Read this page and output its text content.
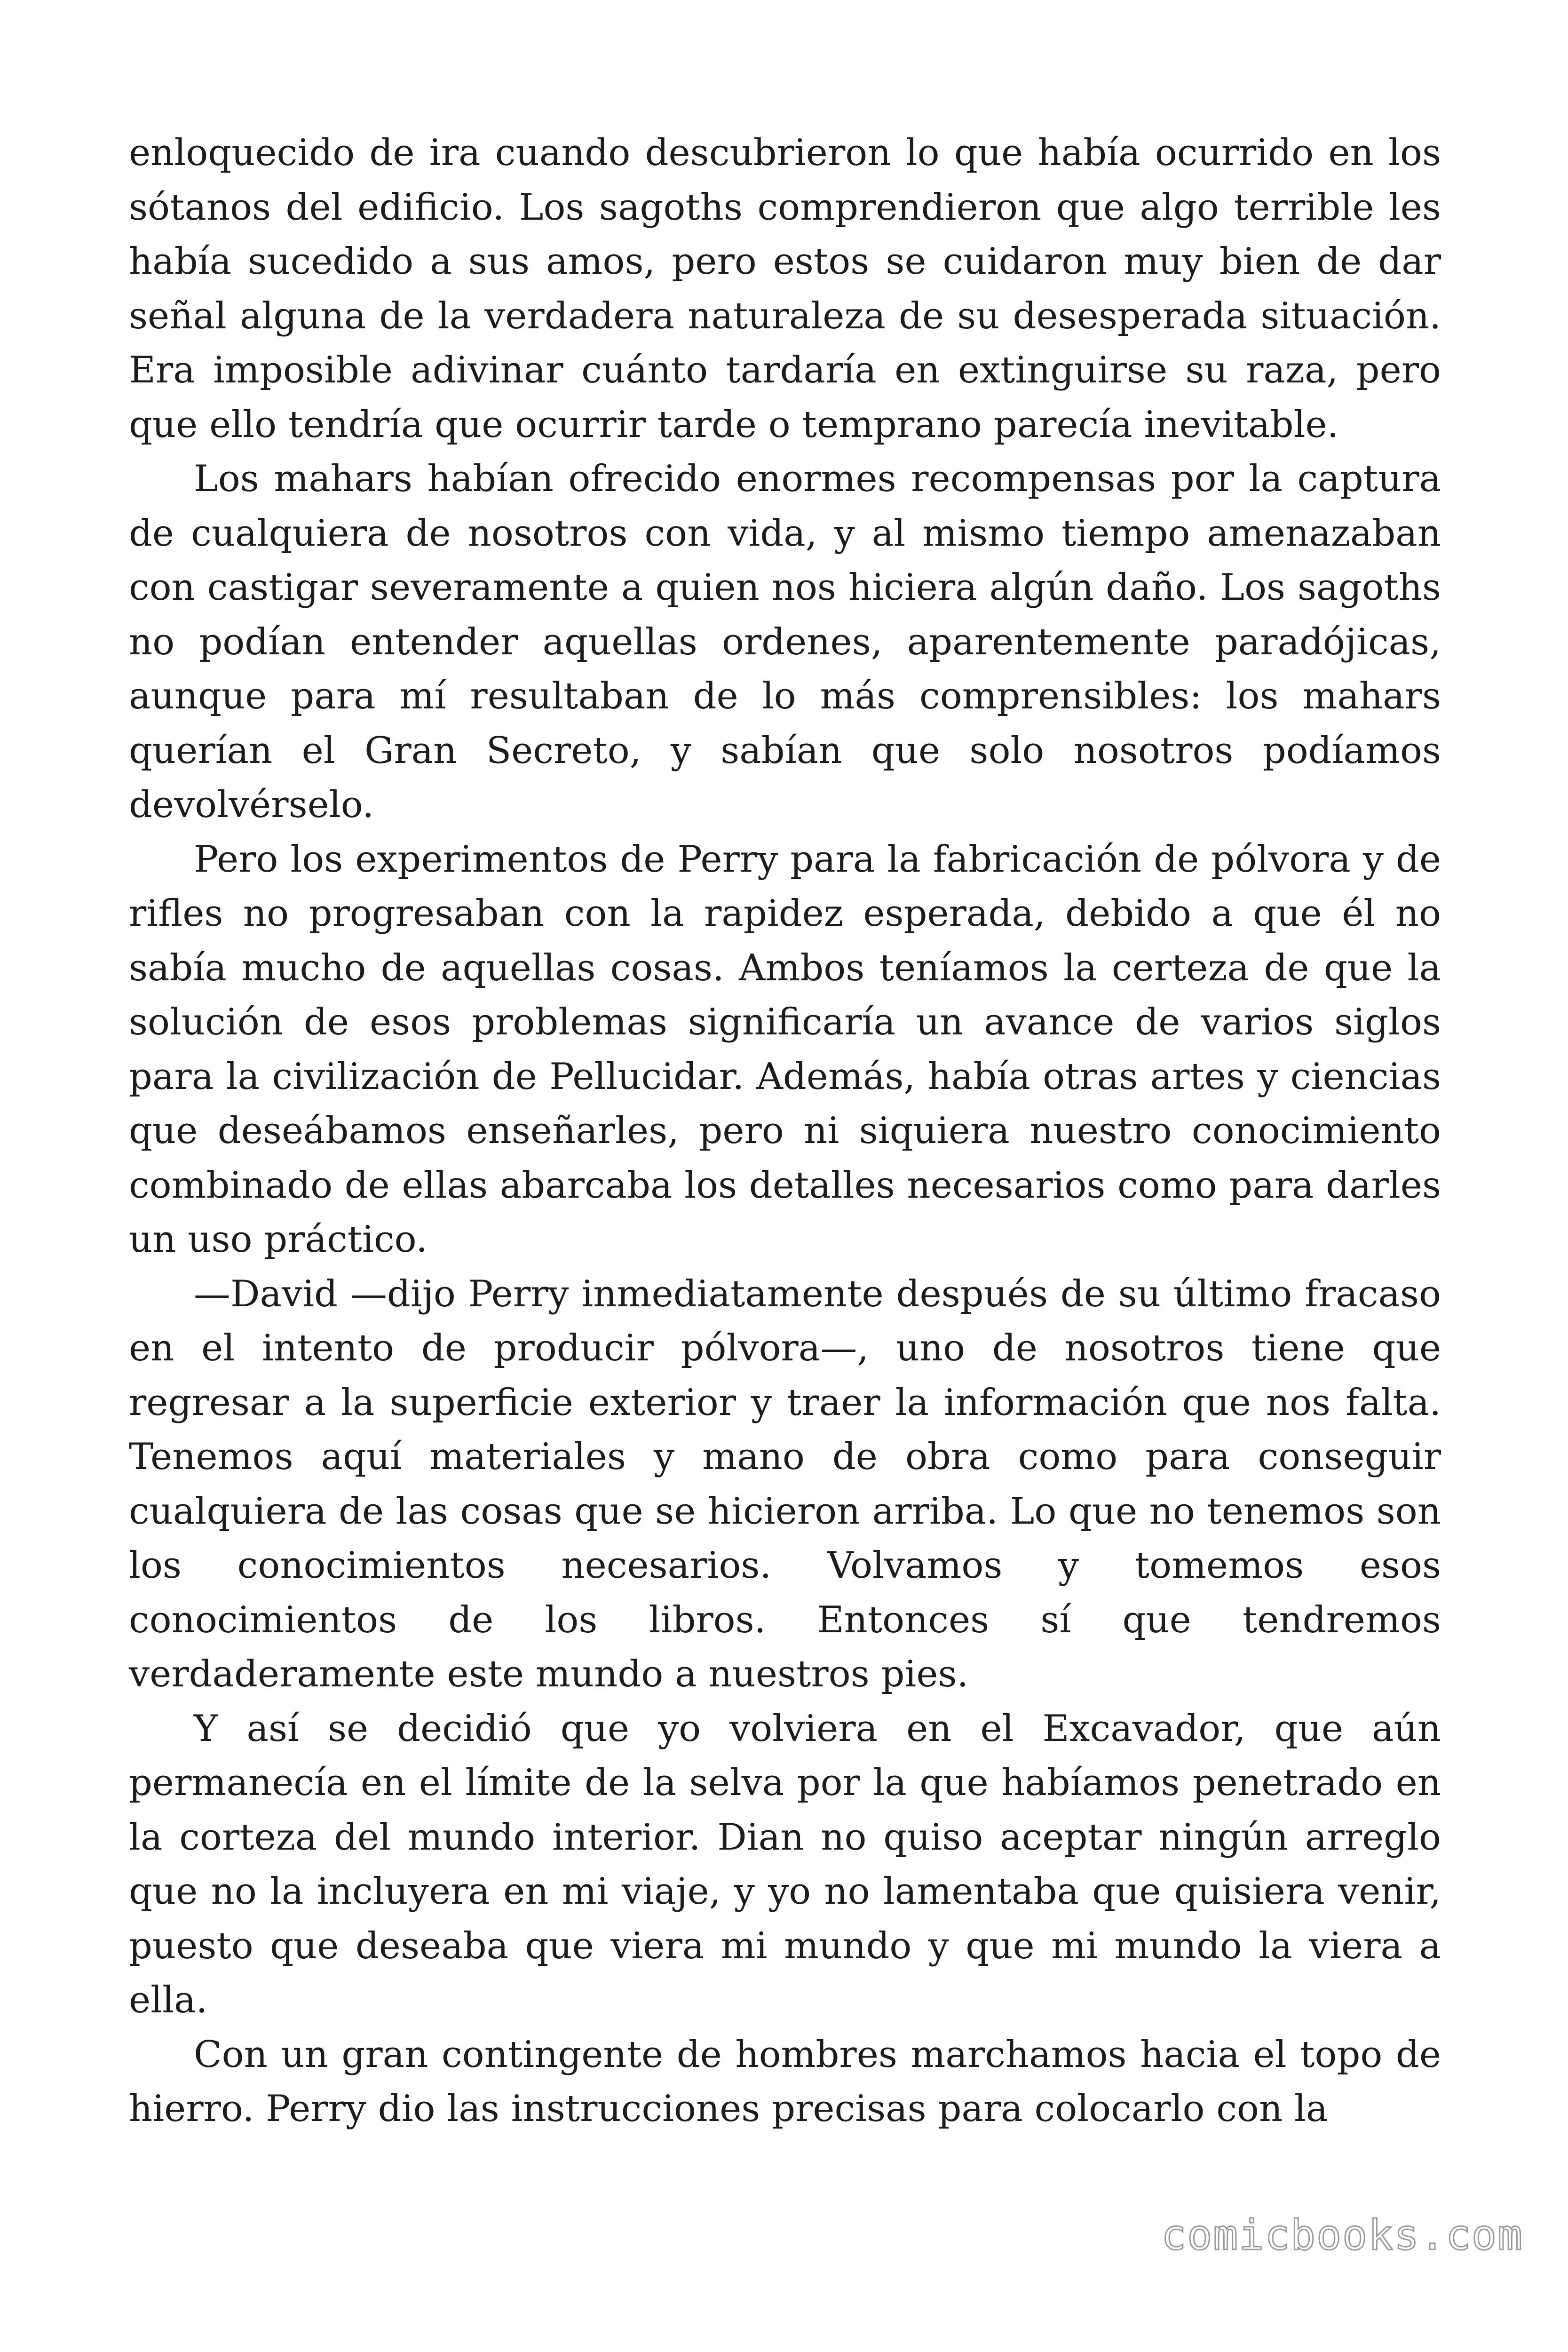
enloquecido de ira cuando descubrieron lo que había ocurrido en los sótanos del edificio. Los sagoths comprendieron que algo terrible les había sucedido a sus amos, pero estos se cuidaron muy bien de dar señal alguna de la verdadera naturaleza de su desesperada situación. Era imposible adivinar cuánto tardaría en extinguirse su raza, pero que ello tendría que ocurrir tarde o temprano parecía inevitable.

Los mahars habían ofrecido enormes recompensas por la captura de cualquiera de nosotros con vida, y al mismo tiempo amenazaban con castigar severamente a quien nos hiciera algún daño. Los sagoths no podían entender aquellas ordenes, aparentemente paradójicas, aunque para mí resultaban de lo más comprensibles: los mahars querían el Gran Secreto, y sabían que solo nosotros podíamos devolvérselo.

Pero los experimentos de Perry para la fabricación de pólvora y de rifles no progresaban con la rapidez esperada, debido a que él no sabía mucho de aquellas cosas. Ambos teníamos la certeza de que la solución de esos problemas significaría un avance de varios siglos para la civilización de Pellucidar. Además, había otras artes y ciencias que deseábamos enseñarles, pero ni siquiera nuestro conocimiento combinado de ellas abarcaba los detalles necesarios como para darles un uso práctico.

—David —dijo Perry inmediatamente después de su último fracaso en el intento de producir pólvora—, uno de nosotros tiene que regresar a la superficie exterior y traer la información que nos falta. Tenemos aquí materiales y mano de obra como para conseguir cualquiera de las cosas que se hicieron arriba. Lo que no tenemos son los conocimientos necesarios. Volvamos y tomemos esos conocimientos de los libros. Entonces sí que tendremos verdaderamente este mundo a nuestros pies.

Y así se decidió que yo volviera en el Excavador, que aún permanecía en el límite de la selva por la que habíamos penetrado en la corteza del mundo interior. Dian no quiso aceptar ningún arreglo que no la incluyera en mi viaje, y yo no lamentaba que quisiera venir, puesto que deseaba que viera mi mundo y que mi mundo la viera a ella.

Con un gran contingente de hombres marchamos hacia el topo de hierro. Perry dio las instrucciones precisas para colocarlo con la

comicbooks.com
